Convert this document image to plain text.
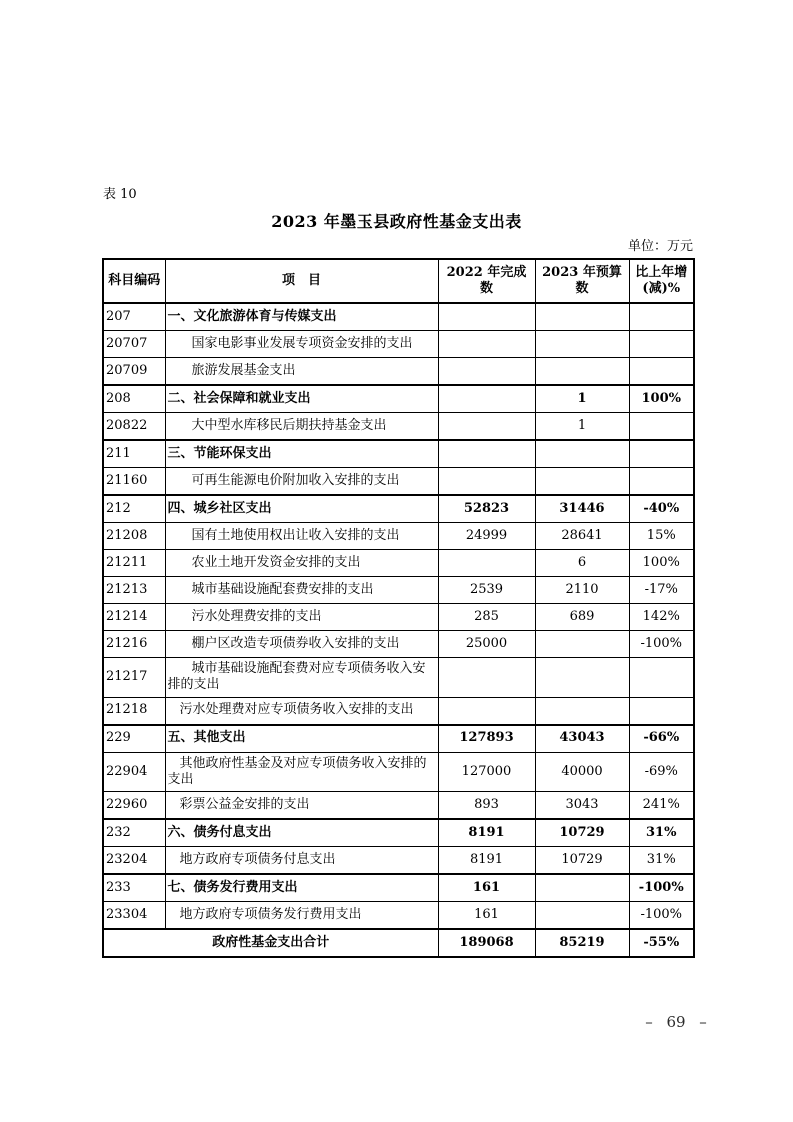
表 10
2023 年墨玉县政府性基金支出表
单位：万元
科目编码	项　目	2022 年完成数	2023 年预算数	比上年增
(减)%
207	一、文化旅游体育与传媒支出			
20707	国家电影事业发展专项资金安排的支出			
20709	旅游发展基金支出			
208	二、社会保障和就业支出		1	100%
20822	大中型水库移民后期扶持基金支出		1	
211	三、节能环保支出			
21160	可再生能源电价附加收入安排的支出			
212	四、城乡社区支出	52823	31446	-40%
21208	国有土地使用权出让收入安排的支出	24999	28641	15%
21211	农业土地开发资金安排的支出		6	100%
21213	城市基础设施配套费安排的支出	2539	2110	-17%
21214	污水处理费安排的支出	285	689	142%
21216	棚户区改造专项债券收入安排的支出	25000		-100%
21217	城市基础设施配套费对应专项债务收入安排的支出			
21218	污水处理费对应专项债务收入安排的支出			
229	五、其他支出	127893	43043	-66%
22904	其他政府性基金及对应专项债务收入安排的支出	127000	40000	-69%
22960	彩票公益金安排的支出	893	3043	241%
232	六、债务付息支出	8191	10729	31%
23204	地方政府专项债务付息支出	8191	10729	31%
233	七、债务发行费用支出	161		-100%
23304	地方政府专项债务发行费用支出	161		-100%
政府性基金支出合计		189068	85219	-55%
– 69 –
